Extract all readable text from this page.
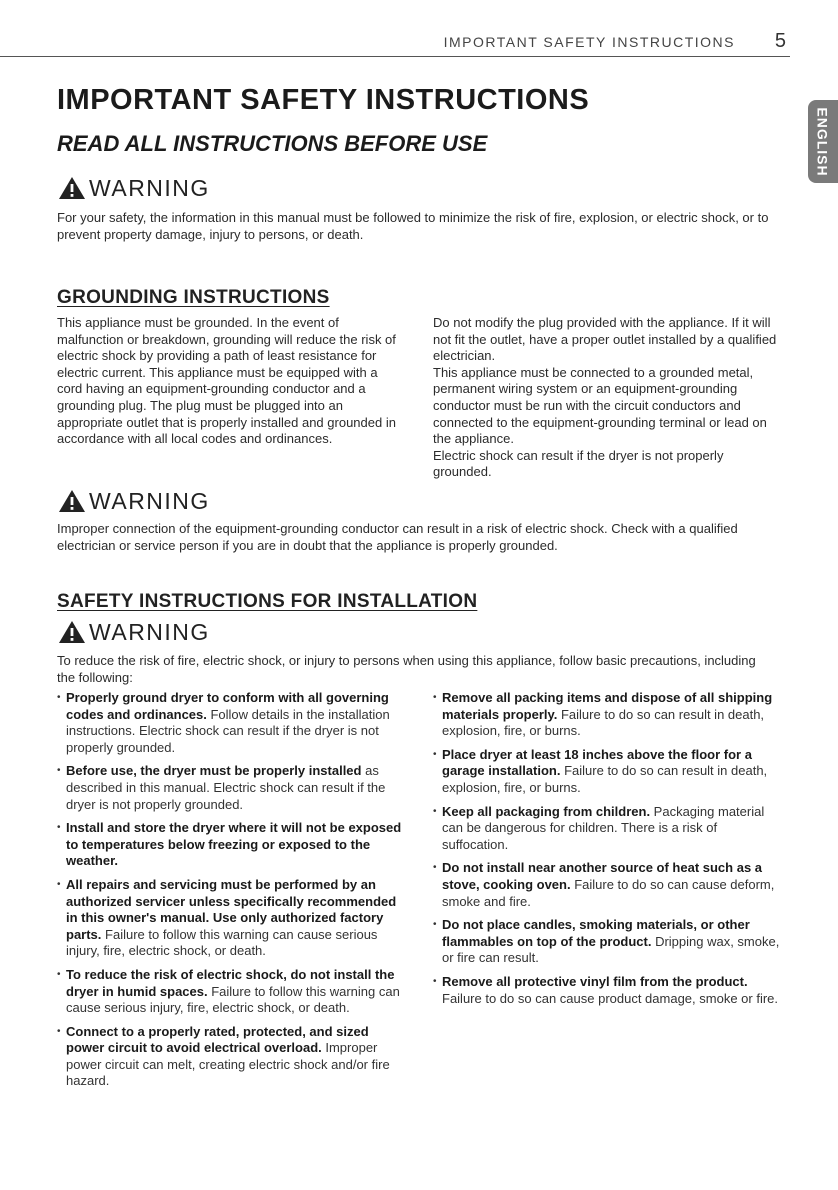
IMPORTANT SAFETY INSTRUCTIONS 5
ENGLISH
IMPORTANT SAFETY INSTRUCTIONS
READ ALL INSTRUCTIONS BEFORE USE
WARNING
For your safety, the information in this manual must be followed to minimize the risk of fire, explosion, or electric shock, or to prevent property damage, injury to persons, or death.
GROUNDING INSTRUCTIONS
This appliance must be grounded. In the event of malfunction or breakdown, grounding will reduce the risk of electric shock by providing a path of least resistance for electric current. This appliance must be equipped with a cord having an equipment-grounding conductor and a grounding plug. The plug must be plugged into an appropriate outlet that is properly installed and grounded in accordance with all local codes and ordinances.
Do not modify the plug provided with the appliance. If it will not fit the outlet, have a proper outlet installed by a qualified electrician.
This appliance must be connected to a grounded metal, permanent wiring system or an equipment-grounding conductor must be run with the circuit conductors and connected to the equipment-grounding terminal or lead on the appliance.
Electric shock can result if the dryer is not properly grounded.
WARNING
Improper connection of the equipment-grounding conductor can result in a risk of electric shock. Check with a qualified electrician or service person if you are in doubt that the appliance is properly grounded.
SAFETY INSTRUCTIONS FOR INSTALLATION
WARNING
To reduce the risk of fire, electric shock, or injury to persons when using this appliance, follow basic precautions, including the following:
• Properly ground dryer to conform with all governing codes and ordinances. Follow details in the installation instructions. Electric shock can result if the dryer is not properly grounded.
• Before use, the dryer must be properly installed as described in this manual. Electric shock can result if the dryer is not properly grounded.
• Install and store the dryer where it will not be exposed to temperatures below freezing or exposed to the weather.
• All repairs and servicing must be performed by an authorized servicer unless specifically recommended in this owner's manual. Use only authorized factory parts. Failure to follow this warning can cause serious injury, fire, electric shock, or death.
• To reduce the risk of electric shock, do not install the dryer in humid spaces. Failure to follow this warning can cause serious injury, fire, electric shock, or death.
• Connect to a properly rated, protected, and sized power circuit to avoid electrical overload. Improper power circuit can melt, creating electric shock and/or fire hazard.
• Remove all packing items and dispose of all shipping materials properly. Failure to do so can result in death, explosion, fire, or burns.
• Place dryer at least 18 inches above the floor for a garage installation. Failure to do so can result in death, explosion, fire, or burns.
• Keep all packaging from children. Packaging material can be dangerous for children. There is a risk of suffocation.
• Do not install near another source of heat such as a stove, cooking oven. Failure to do so can cause deform, smoke and fire.
• Do not place candles, smoking materials, or other flammables on top of the product. Dripping wax, smoke, or fire can result.
• Remove all protective vinyl film from the product. Failure to do so can cause product damage, smoke or fire.
